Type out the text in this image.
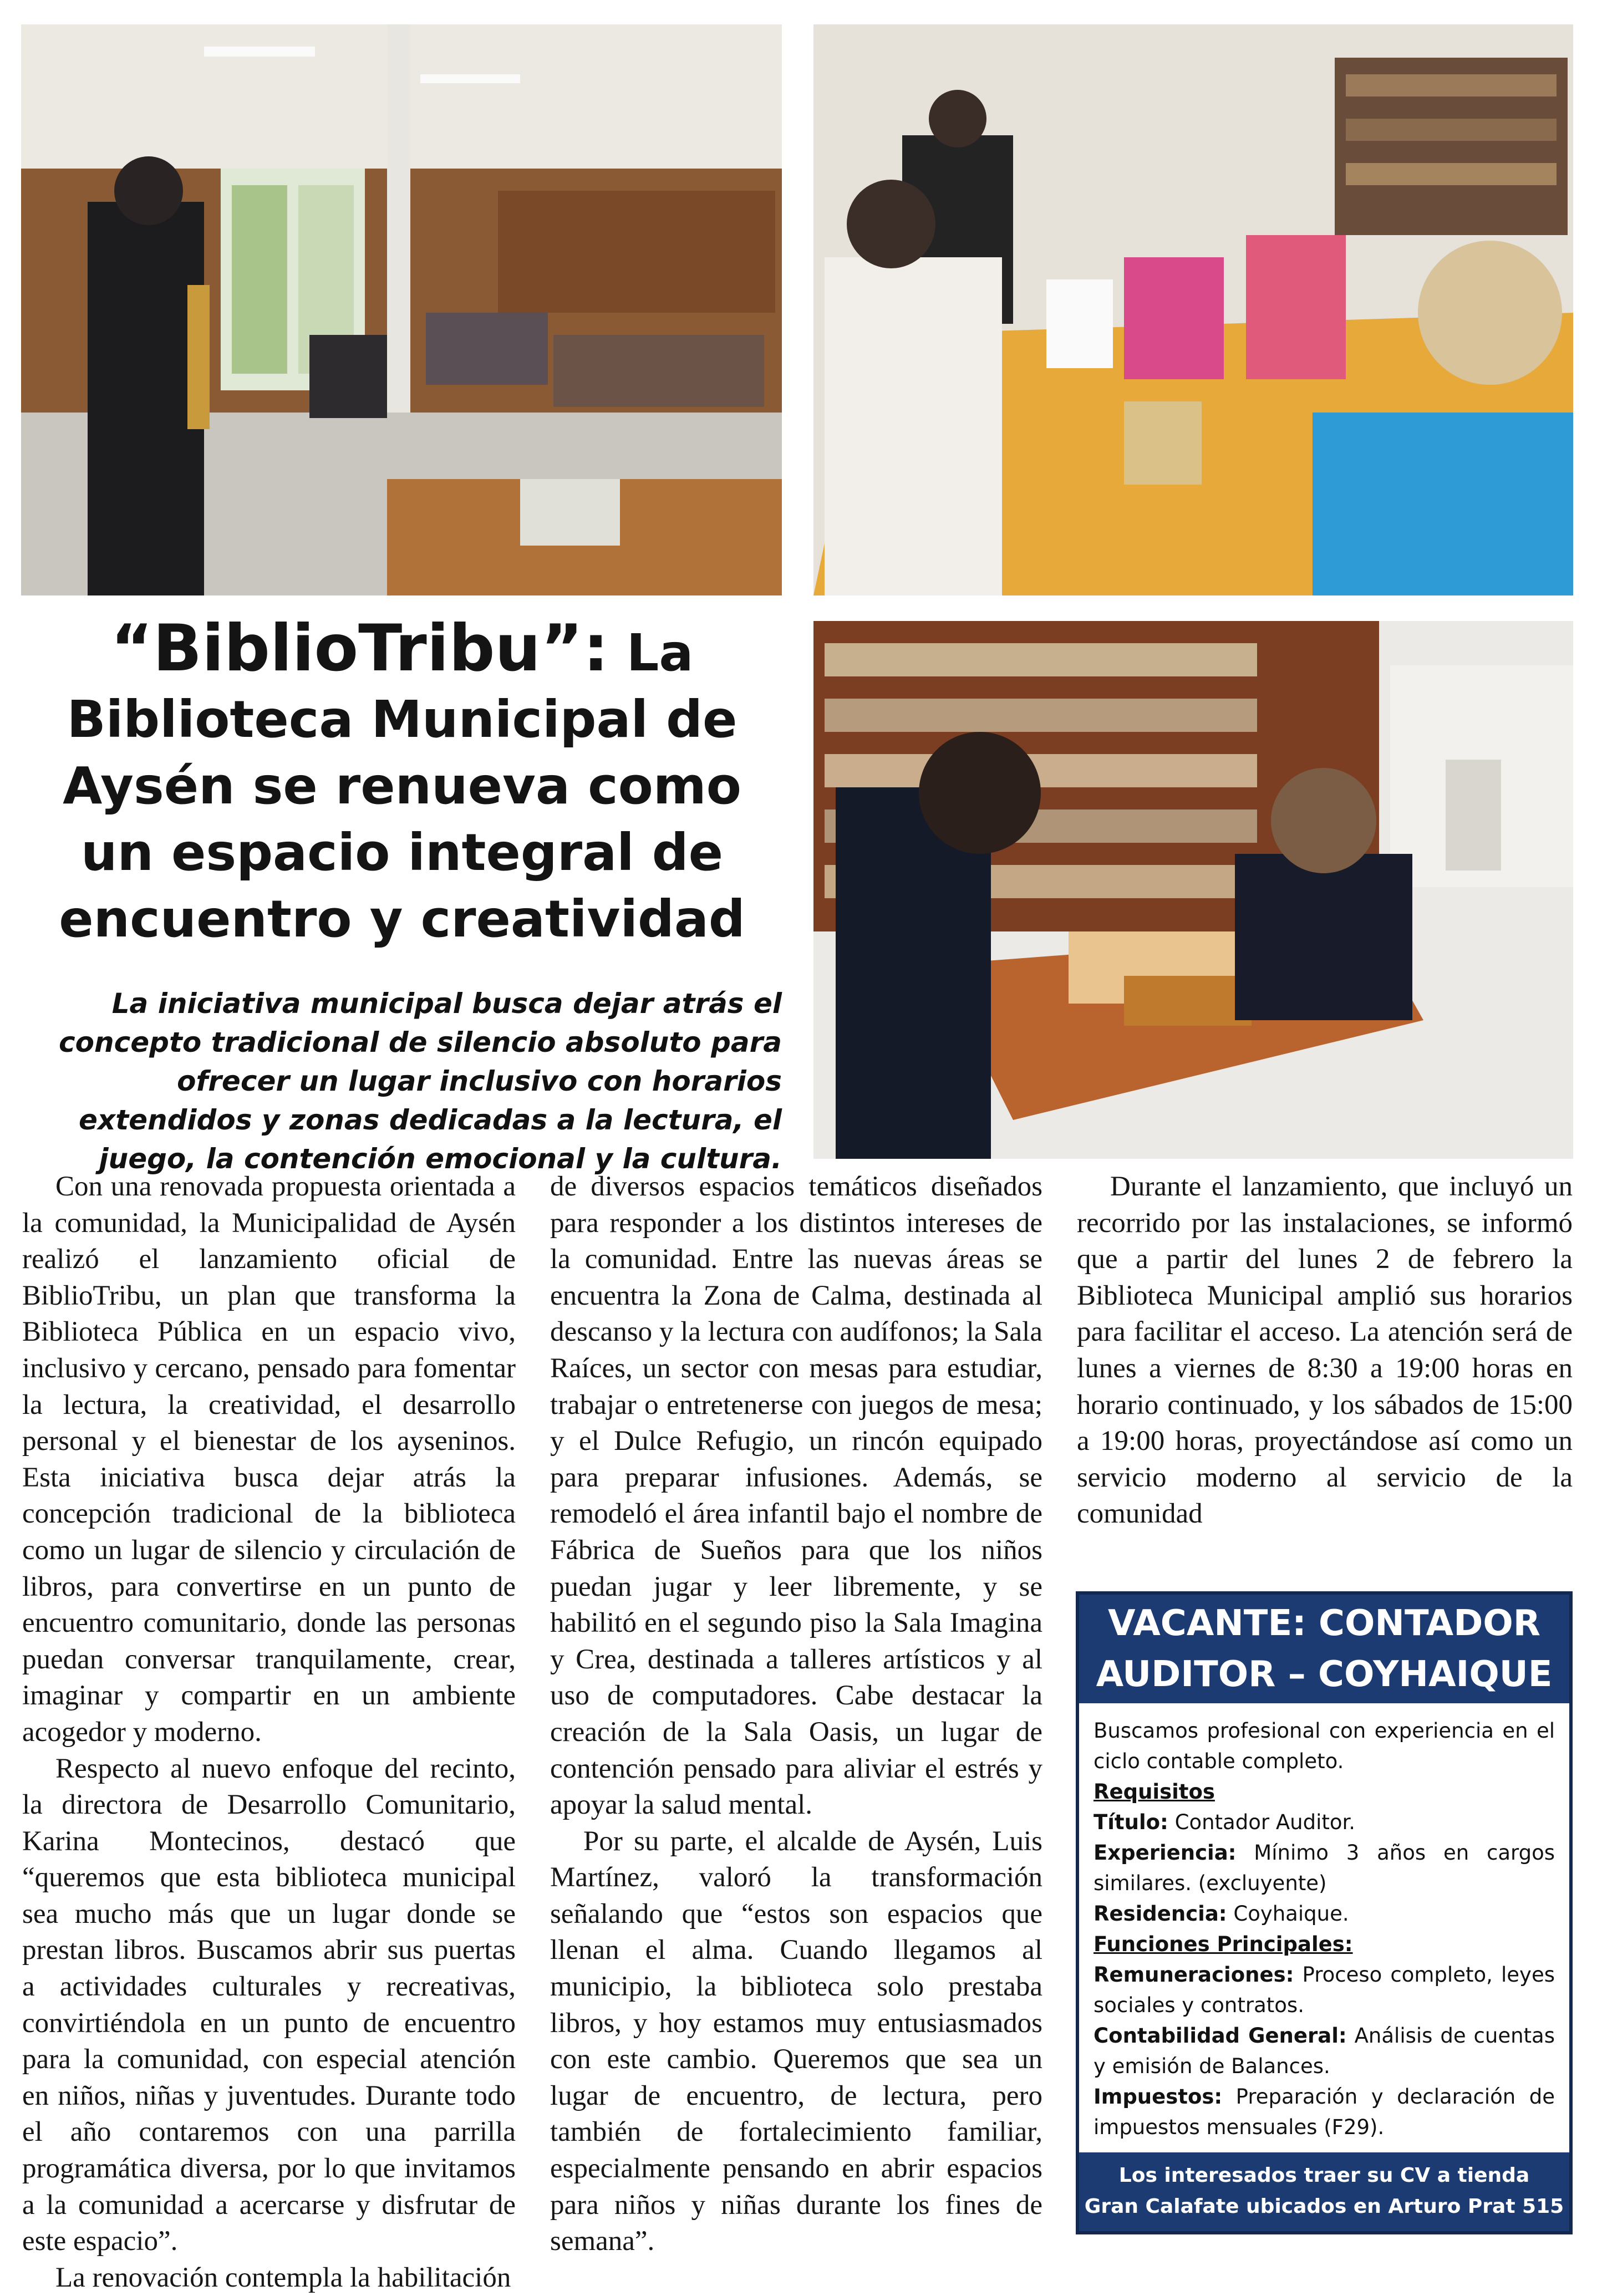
“BiblioTribu”: La Biblioteca Municipal de Aysén se renueva como un espacio integral de encuentro y creatividad

La iniciativa municipal busca dejar atrás el concepto tradicional de silencio absoluto para ofrecer un lugar inclusivo con horarios extendidos y zonas dedicadas a la lectura, el juego, la contención emocional y la cultura.

Con una renovada propuesta orientada a la comunidad, la Municipalidad de Aysén realizó el lanzamiento oficial de BiblioTribu, un plan que transforma la Biblioteca Pública en un espacio vivo, inclusivo y cercano, pensado para fomentar la lectura, la creatividad, el desarrollo personal y el bienestar de los ayseninos. Esta iniciativa busca dejar atrás la concepción tradicional de la biblioteca como un lugar de silencio y circulación de libros, para convertirse en un punto de encuentro comunitario, donde las personas puedan conversar tranquilamente, crear, imaginar y compartir en un ambiente acogedor y moderno.

Respecto al nuevo enfoque del recinto, la directora de Desarrollo Comunitario, Karina Montecinos, destacó que “queremos que esta biblioteca municipal sea mucho más que un lugar donde se prestan libros. Buscamos abrir sus puertas a actividades culturales y recreativas, convirtiéndola en un punto de encuentro para la comunidad, con especial atención en niños, niñas y juventudes. Durante todo el año contaremos con una parrilla programática diversa, por lo que invitamos a la comunidad a acercarse y disfrutar de este espacio”.

La renovación contempla la habilitación

de diversos espacios temáticos diseñados para responder a los distintos intereses de la comunidad. Entre las nuevas áreas se encuentra la Zona de Calma, destinada al descanso y la lectura con audífonos; la Sala Raíces, un sector con mesas para estudiar, trabajar o entretenerse con juegos de mesa; y el Dulce Refugio, un rincón equipado para preparar infusiones. Además, se remodeló el área infantil bajo el nombre de Fábrica de Sueños para que los niños puedan jugar y leer libremente, y se habilitó en el segundo piso la Sala Imagina y Crea, destinada a talleres artísticos y al uso de computadores. Cabe destacar la creación de la Sala Oasis, un lugar de contención pensado para aliviar el estrés y apoyar la salud mental.

Por su parte, el alcalde de Aysén, Luis Martínez, valoró la transformación señalando que “estos son espacios que llenan el alma. Cuando llegamos al municipio, la biblioteca solo prestaba libros, y hoy estamos muy entusiasmados con este cambio. Queremos que sea un lugar de encuentro, de lectura, pero también de fortalecimiento familiar, especialmente pensando en abrir espacios para niños y niñas durante los fines de semana”.

Durante el lanzamiento, que incluyó un recorrido por las instalaciones, se informó que a partir del lunes 2 de febrero la Biblioteca Municipal amplió sus horarios para facilitar el acceso. La atención será de lunes a viernes de 8:30 a 19:00 horas en horario continuado, y los sábados de 15:00 a 19:00 horas, proyectándose así como un servicio moderno al servicio de la comunidad

VACANTE: CONTADOR AUDITOR – COYHAIQUE

Buscamos profesional con experiencia en el ciclo contable completo.

Requisitos

Título: Contador Auditor.

Experiencia: Mínimo 3 años en cargos similares. (excluyente)

Residencia: Coyhaique.

Funciones Principales:

Remuneraciones: Proceso completo, leyes sociales y contratos.

Contabilidad General: Análisis de cuentas y emisión de Balances.

Impuestos: Preparación y declaración de impuestos mensuales (F29).

Los interesados traer su CV a tienda
Gran Calafate ubicados en Arturo Prat 515
